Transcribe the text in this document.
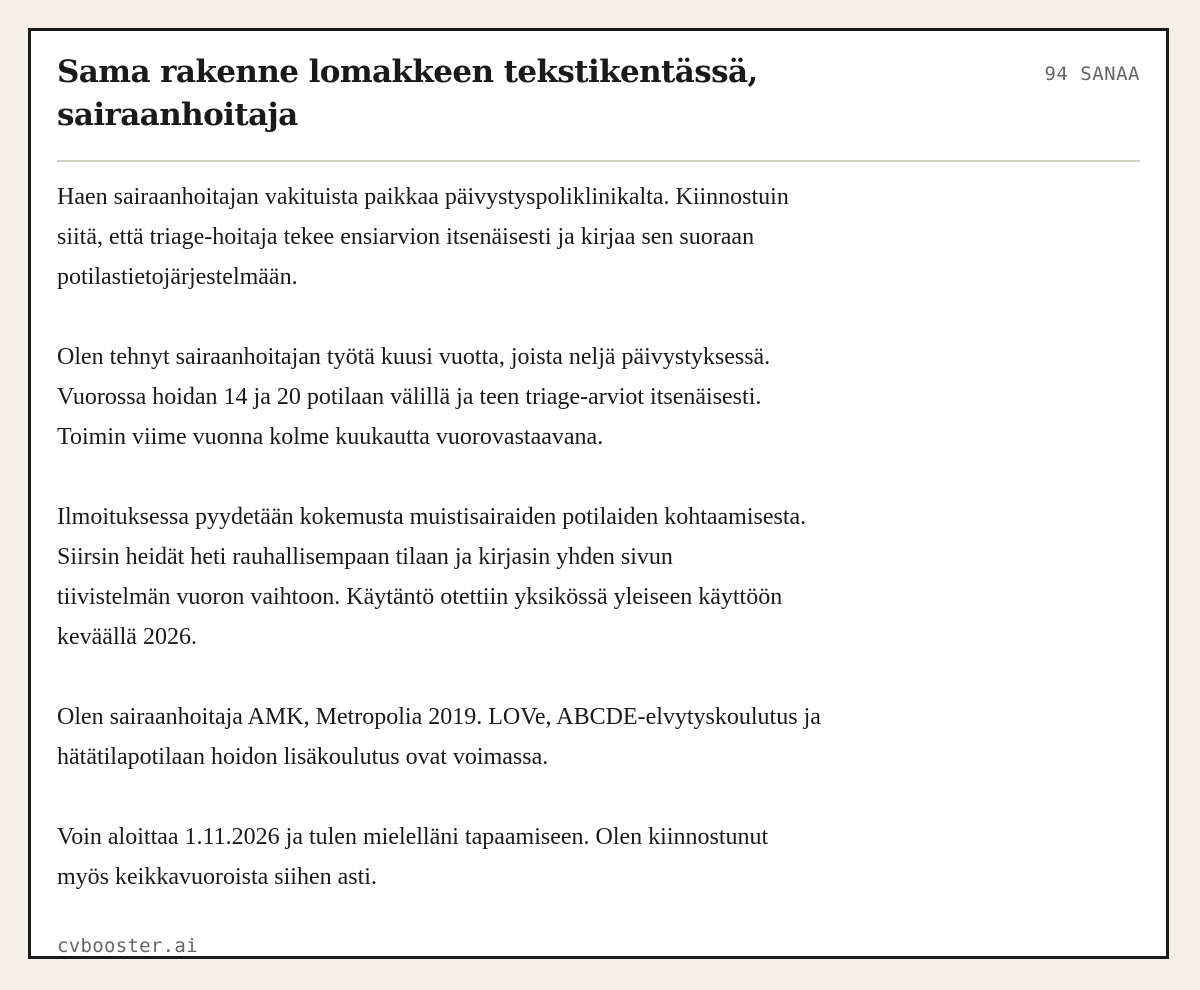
Sama rakenne lomakkeen tekstikentässä, sairaanhoitaja
94 SANAA

Haen sairaanhoitajan vakituista paikkaa päivystyspoliklinikalta. Kiinnostuin
siitä, että triage-hoitaja tekee ensiarvion itsenäisesti ja kirjaa sen suoraan
potilastietojärjestelmään.

Olen tehnyt sairaanhoitajan työtä kuusi vuotta, joista neljä päivystyksessä.
Vuorossa hoidan 14 ja 20 potilaan välillä ja teen triage-arviot itsenäisesti.
Toimin viime vuonna kolme kuukautta vuorovastaavana.

Ilmoituksessa pyydetään kokemusta muistisairaiden potilaiden kohtaamisesta.
Siirsin heidät heti rauhallisempaan tilaan ja kirjasin yhden sivun
tiivistelmän vuoron vaihtoon. Käytäntö otettiin yksikössä yleiseen käyttöön
keväällä 2026.

Olen sairaanhoitaja AMK, Metropolia 2019. LOVe, ABCDE-elvytyskoulutus ja
hätätilapotilaan hoidon lisäkoulutus ovat voimassa.

Voin aloittaa 1.11.2026 ja tulen mielelläni tapaamiseen. Olen kiinnostunut
myös keikkavuoroista siihen asti.

cvbooster.ai
